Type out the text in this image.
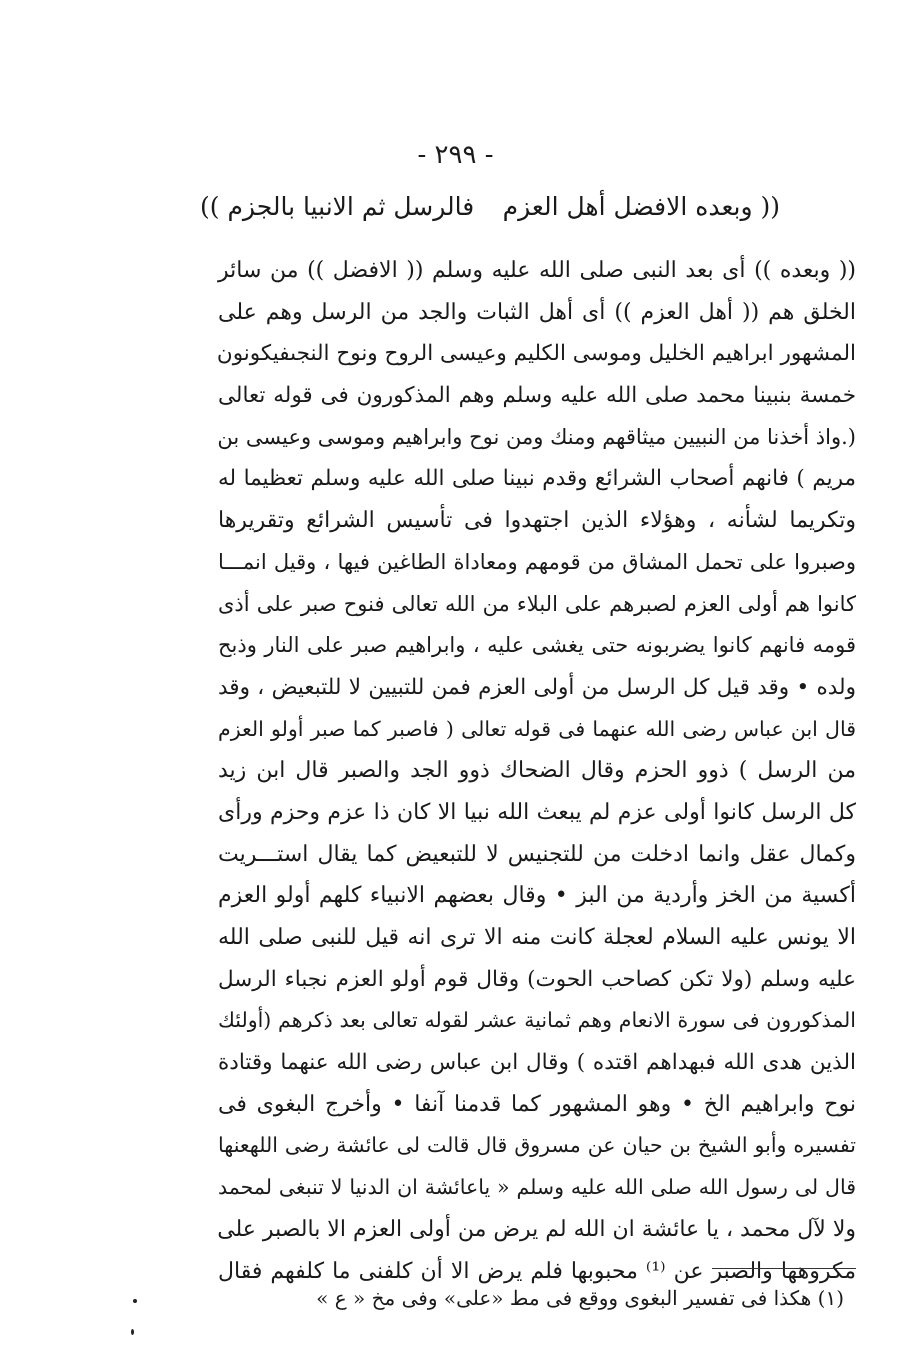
- ٢٩٩ -
(( وبعده الافضل أهل العزم
فالرسل ثم الانبيا بالجزم ))
(( وبعده )) أى بعد النبى صلى الله عليه وسلم (( الافضل )) من سائر
الخلق هم (( أهل العزم )) أى أهل الثبات والجد من الرسل وهم على
المشهور ابراهيم الخليل وموسى الكليم وعيسى الروح ونوح النجىفيكونون
خمسة بنبينا محمد صلى الله عليه وسلم وهم المذكورون فى قوله تعالى
(.واذ أخذنا من النبيين ميثاقهم ومنك ومن نوح وابراهيم وموسى وعيسى بن
مريم ) فانهم أصحاب الشرائع وقدم نبينا صلى الله عليه وسلم تعظيما له
وتكريما لشأنه ، وهؤلاء الذين اجتهدوا فى تأسيس الشرائع وتقريرها
وصبروا على تحمل المشاق من قومهم ومعاداة الطاغين فيها ، وقيل انمـــا
كانوا هم أولى العزم لصبرهم على البلاء من الله تعالى فنوح صبر على أذى
قومه فانهم كانوا يضربونه حتى يغشى عليه ، وابراهيم صبر على النار وذبح
ولده • وقد قيل كل الرسل من أولى العزم فمن للتبيين لا للتبعيض ، وقد
قال ابن عباس رضى الله عنهما فى قوله تعالى ( فاصبر كما صبر أولو العزم
من الرسل ) ذوو الحزم وقال الضحاك ذوو الجد والصبر قال ابن زيد
كل الرسل كانوا أولى عزم لم يبعث الله نبيا الا كان ذا عزم وحزم ورأى
وكمال عقل وانما ادخلت من للتجنيس لا للتبعيض كما يقال استـــريت
أكسية من الخز وأردية من البز • وقال بعضهم الانبياء كلهم أولو العزم
الا يونس عليه السلام لعجلة كانت منه الا ترى انه قيل للنبى صلى الله
عليه وسلم (ولا تكن كصاحب الحوت) وقال قوم أولو العزم نجباء الرسل
المذكورون فى سورة الانعام وهم ثمانية عشر لقوله تعالى بعد ذكرهم (أولئك
الذين هدى الله فبهداهم اقتده ) وقال ابن عباس رضى الله عنهما وقتادة
نوح وابراهيم الخ • وهو المشهور كما قدمنا آنفا • وأخرج البغوى فى
تفسيره وأبو الشيخ بن حيان عن مسروق قال قالت لى عائشة رضى اللهعنها
قال لى رسول الله صلى الله عليه وسلم « ياعائشة ان الدنيا لا تنبغى لمحمد
ولا لآل محمد ، يا عائشة ان الله لم يرض من أولى العزم الا بالصبر على
مكروهها والصبر عن ⁽¹⁾ محبوبها فلم يرض الا أن كلفنى ما كلفهم فقال
(١) هكذا فى تفسير البغوى ووقع فى مط «على» وفى مخ « ع »
